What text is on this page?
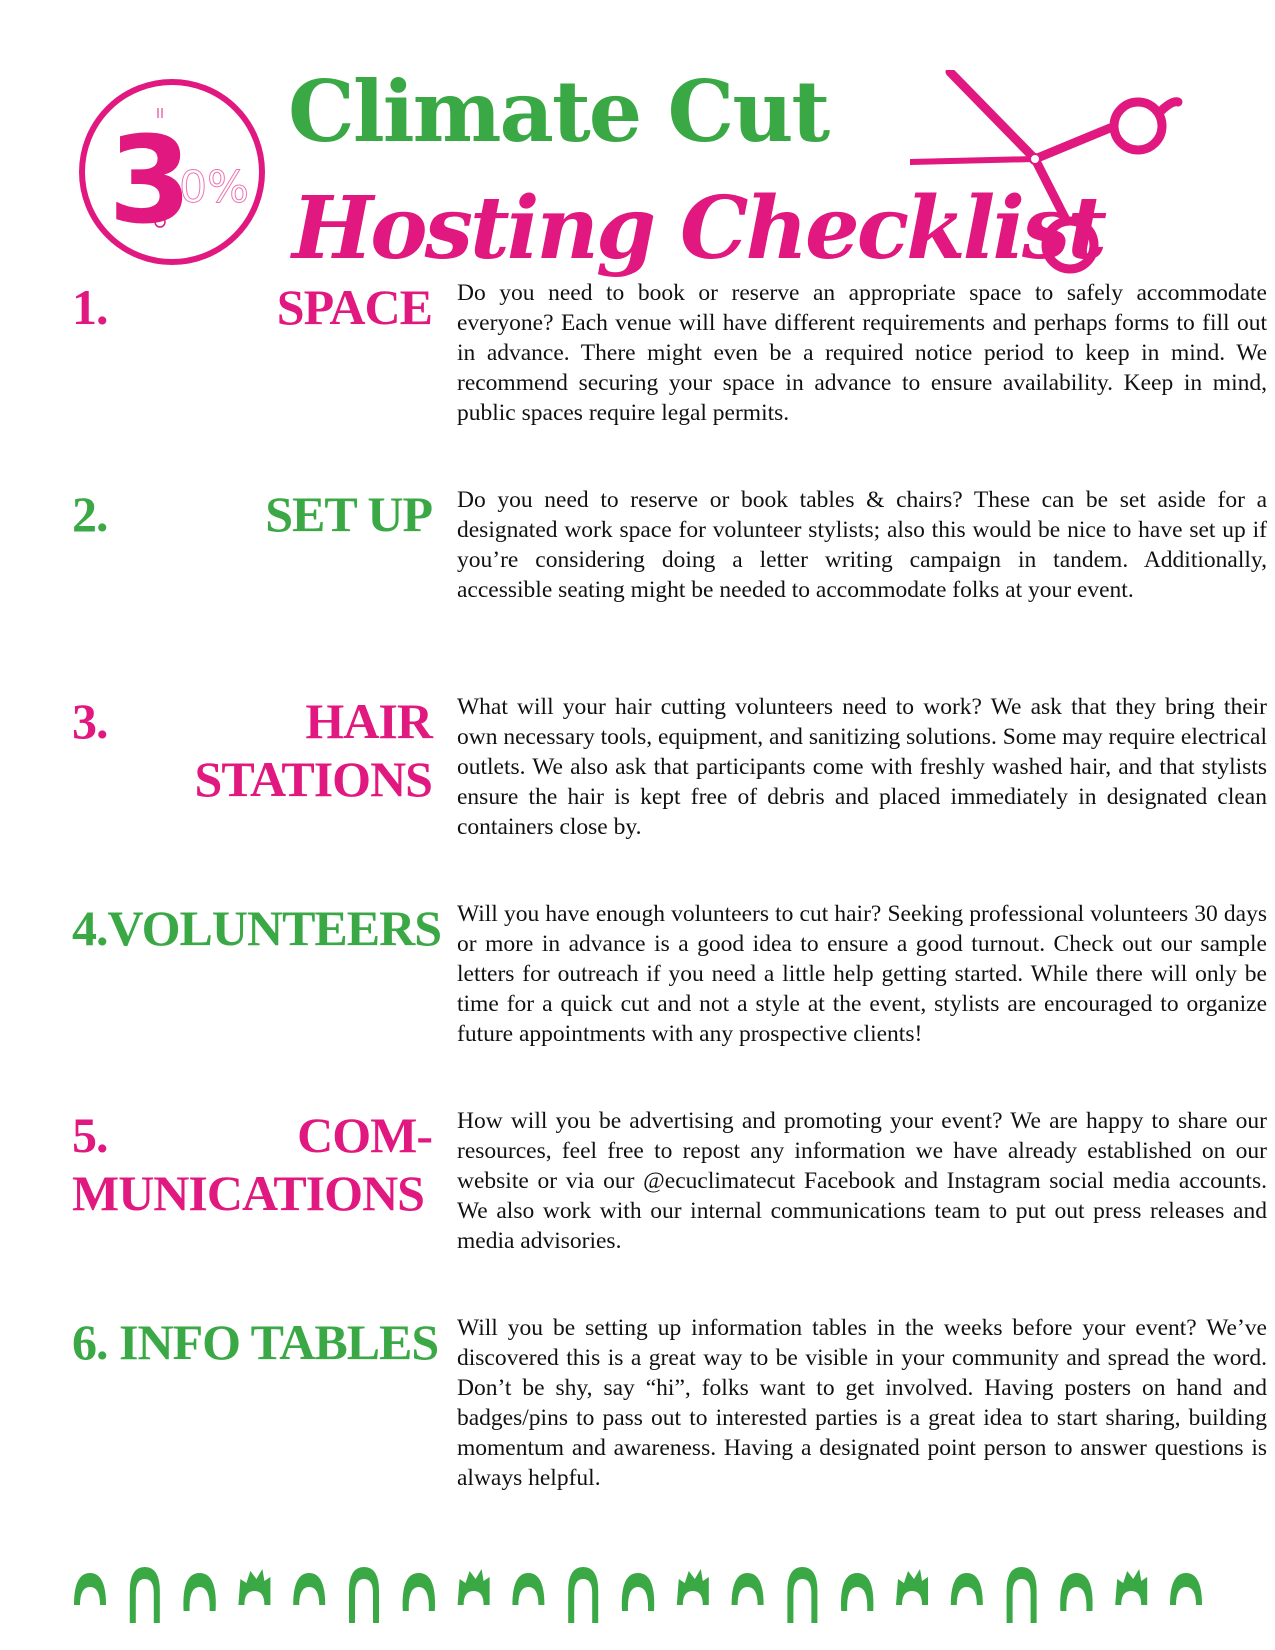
3
0%
Climate Cut
Hosting Checklist
1.	SPACE Do you need to book or reserve an appropriate space to safely accommodate everyone? Each venue will have different requirements and perhaps forms to fill out in advance. There might even be a required notice period to keep in mind. We recommend securing your space in advance to ensure availability. Keep in mind, public spaces require legal permits.

2.	SET UP Do you need to reserve or book tables & chairs? These can be set aside for a designated work space for volunteer stylists; also this would be nice to have set up if you’re considering doing a letter writing campaign in tandem. Additionally, accessible seating might be needed to accommodate folks at your event.

3.	HAIR
STATIONS

What will your hair cutting volunteers need to work? We ask that they bring their own necessary tools, equipment, and sanitizing solutions. Some may require electrical outlets. We also ask that participants come with freshly washed hair, and that stylists ensure the hair is kept free of debris and placed immediately in designated clean containers close by.

4.VOLUNTEERS Will you have enough volunteers to cut hair? Seeking professional volunteers 30 days or more in advance is a good idea to ensure a good turnout. Check out our sample letters for outreach if you need a little help getting started. While there will only be time for a quick cut and not a style at the event, stylists are encouraged to organize future appointments with any prospective clients!

5.	COM-
MUNICATIONS

How will you be advertising and promoting your event? We are happy to share our resources, feel free to repost any information we have already established on our website or via our @ecuclimatecut Facebook and Instagram social media accounts. We also work with our internal communications team to put out press releases and media advisories.

6. INFO TABLES Will you be setting up information tables in the weeks before your event? We’ve discovered this is a great way to be visible in your community and spread the word. Don’t be shy, say “hi”, folks want to get involved. Having posters on hand and badges/pins to pass out to interested parties is a great idea to start sharing, building momentum and awareness. Having a designated point person to answer questions is always helpful.
